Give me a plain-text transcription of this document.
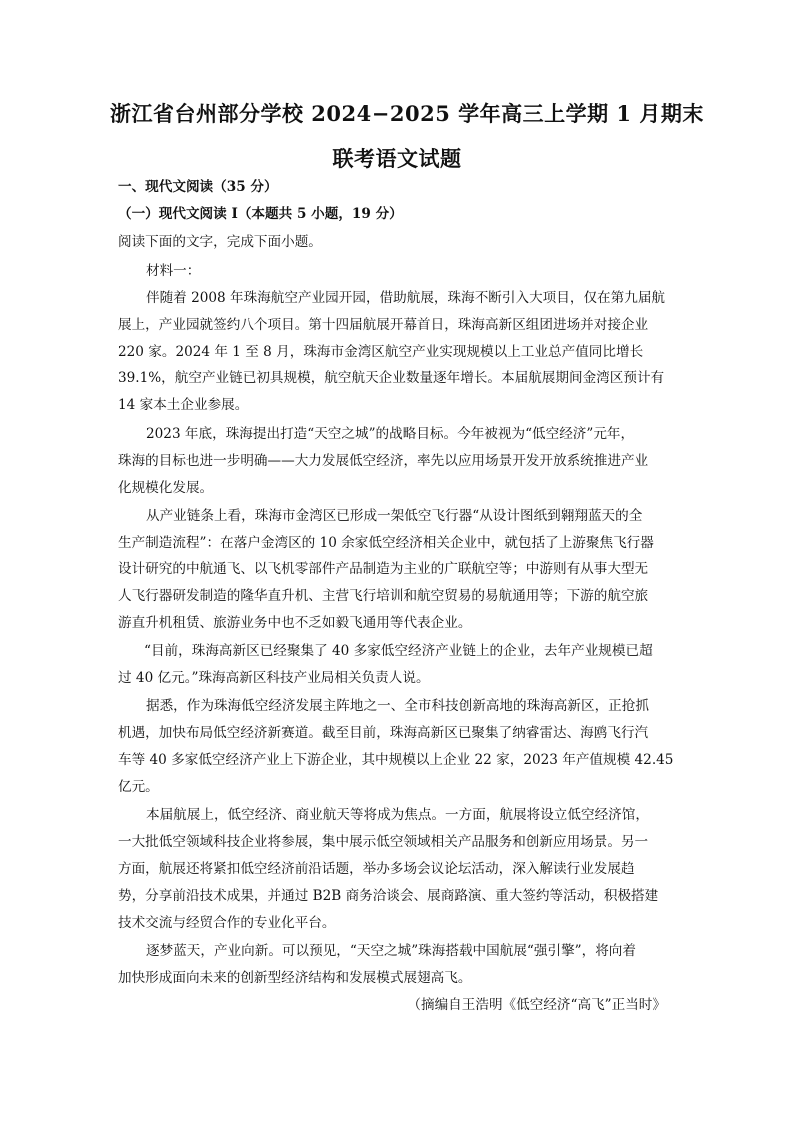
浙江省台州部分学校 2024−2025 学年高三上学期 1 月期末
联考语文试题
一、现代文阅读（35 分）
（一）现代文阅读 I（本题共 5 小题，19 分）
阅读下面的文字，完成下面小题。
材料一：
伴随着 2008 年珠海航空产业园开园，借助航展，珠海不断引入大项目，仅在第九届航
展上，产业园就签约八个项目。第十四届航展开幕首日，珠海高新区组团进场并对接企业
220 家。2024 年 1 至 8 月，珠海市金湾区航空产业实现规模以上工业总产值同比增长
39.1%，航空产业链已初具规模，航空航天企业数量逐年增长。本届航展期间金湾区预计有
14 家本土企业参展。
2023 年底，珠海提出打造“天空之城”的战略目标。今年被视为“低空经济”元年，
珠海的目标也进一步明确——大力发展低空经济，率先以应用场景开发开放系统推进产业
化规模化发展。
从产业链条上看，珠海市金湾区已形成一架低空飞行器“从设计图纸到翱翔蓝天的全
生产制造流程”：在落户金湾区的 10 余家低空经济相关企业中，就包括了上游聚焦飞行器
设计研究的中航通飞、以飞机零部件产品制造为主业的广联航空等；中游则有从事大型无
人飞行器研发制造的隆华直升机、主营飞行培训和航空贸易的易航通用等；下游的航空旅
游直升机租赁、旅游业务中也不乏如毅飞通用等代表企业。
“目前，珠海高新区已经聚集了 40 多家低空经济产业链上的企业，去年产业规模已超
过 40 亿元。”珠海高新区科技产业局相关负责人说。
据悉，作为珠海低空经济发展主阵地之一、全市科技创新高地的珠海高新区，正抢抓
机遇，加快布局低空经济新赛道。截至目前，珠海高新区已聚集了纳睿雷达、海鸥飞行汽
车等 40 多家低空经济产业上下游企业，其中规模以上企业 22 家，2023 年产值规模 42.45
亿元。
本届航展上，低空经济、商业航天等将成为焦点。一方面，航展将设立低空经济馆，
一大批低空领域科技企业将参展，集中展示低空领域相关产品服务和创新应用场景。另一
方面，航展还将紧扣低空经济前沿话题，举办多场会议论坛活动，深入解读行业发展趋
势，分享前沿技术成果，并通过 B2B 商务洽谈会、展商路演、重大签约等活动，积极搭建
技术交流与经贸合作的专业化平台。
逐梦蓝天，产业向新。可以预见，“天空之城”珠海搭载中国航展“强引擎”，将向着
加快形成面向未来的创新型经济结构和发展模式展翅高飞。
（摘编自王浩明《低空经济“高飞”正当时》
